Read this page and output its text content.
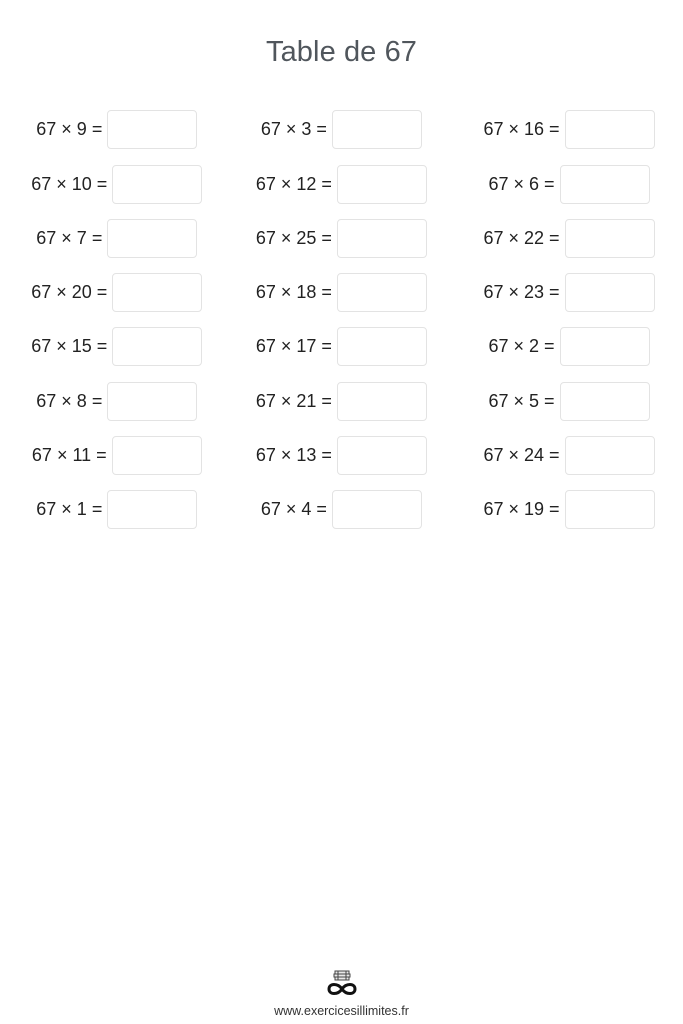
Table de 67
67 × 9 =	67 × 3 =	67 × 16 =
67 × 10 =	67 × 12 =	67 × 6 =
67 × 7 =	67 × 25 =	67 × 22 =
67 × 20 =	67 × 18 =	67 × 23 =
67 × 15 =	67 × 17 =	67 × 2 =
67 × 8 =	67 × 21 =	67 × 5 =
67 × 11 =	67 × 13 =	67 × 24 =
67 × 1 =	67 × 4 =	67 × 19 =
www.exercicesillimites.fr
